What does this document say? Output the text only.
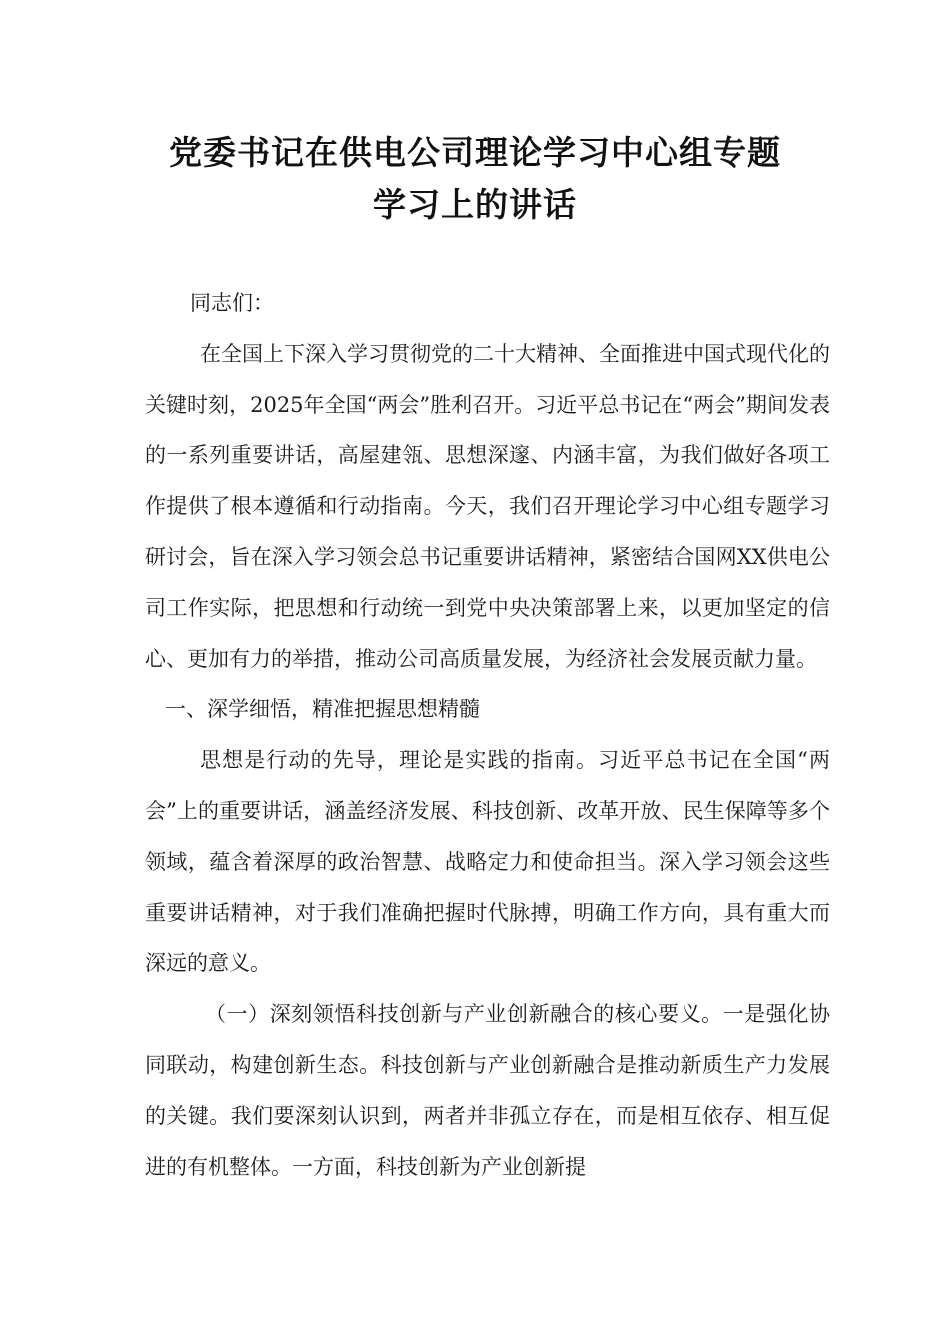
党委书记在供电公司理论学习中心组专题
学习上的讲话

同志们：

在全国上下深入学习贯彻党的二十大精神、全面推进中国式现代化的关键时刻，2025年全国“两会”胜利召开。习近平总书记在“两会”期间发表的一系列重要讲话，高屋建瓴、思想深邃、内涵丰富，为我们做好各项工作提供了根本遵循和行动指南。今天，我们召开理论学习中心组专题学习研讨会，旨在深入学习领会总书记重要讲话精神，紧密结合国网XX供电公司工作实际，把思想和行动统一到党中央决策部署上来，以更加坚定的信心、更加有力的举措，推动公司高质量发展，为经济社会发展贡献力量。

一、深学细悟，精准把握思想精髓

思想是行动的先导，理论是实践的指南。习近平总书记在全国“两会”上的重要讲话，涵盖经济发展、科技创新、改革开放、民生保障等多个领域，蕴含着深厚的政治智慧、战略定力和使命担当。深入学习领会这些重要讲话精神，对于我们准确把握时代脉搏，明确工作方向，具有重大而深远的意义。

（一）深刻领悟科技创新与产业创新融合的核心要义。一是强化协同联动，构建创新生态。科技创新与产业创新融合是推动新质生产力发展的关键。我们要深刻认识到，两者并非孤立存在，而是相互依存、相互促进的有机整体。一方面，科技创新为产业创新提
